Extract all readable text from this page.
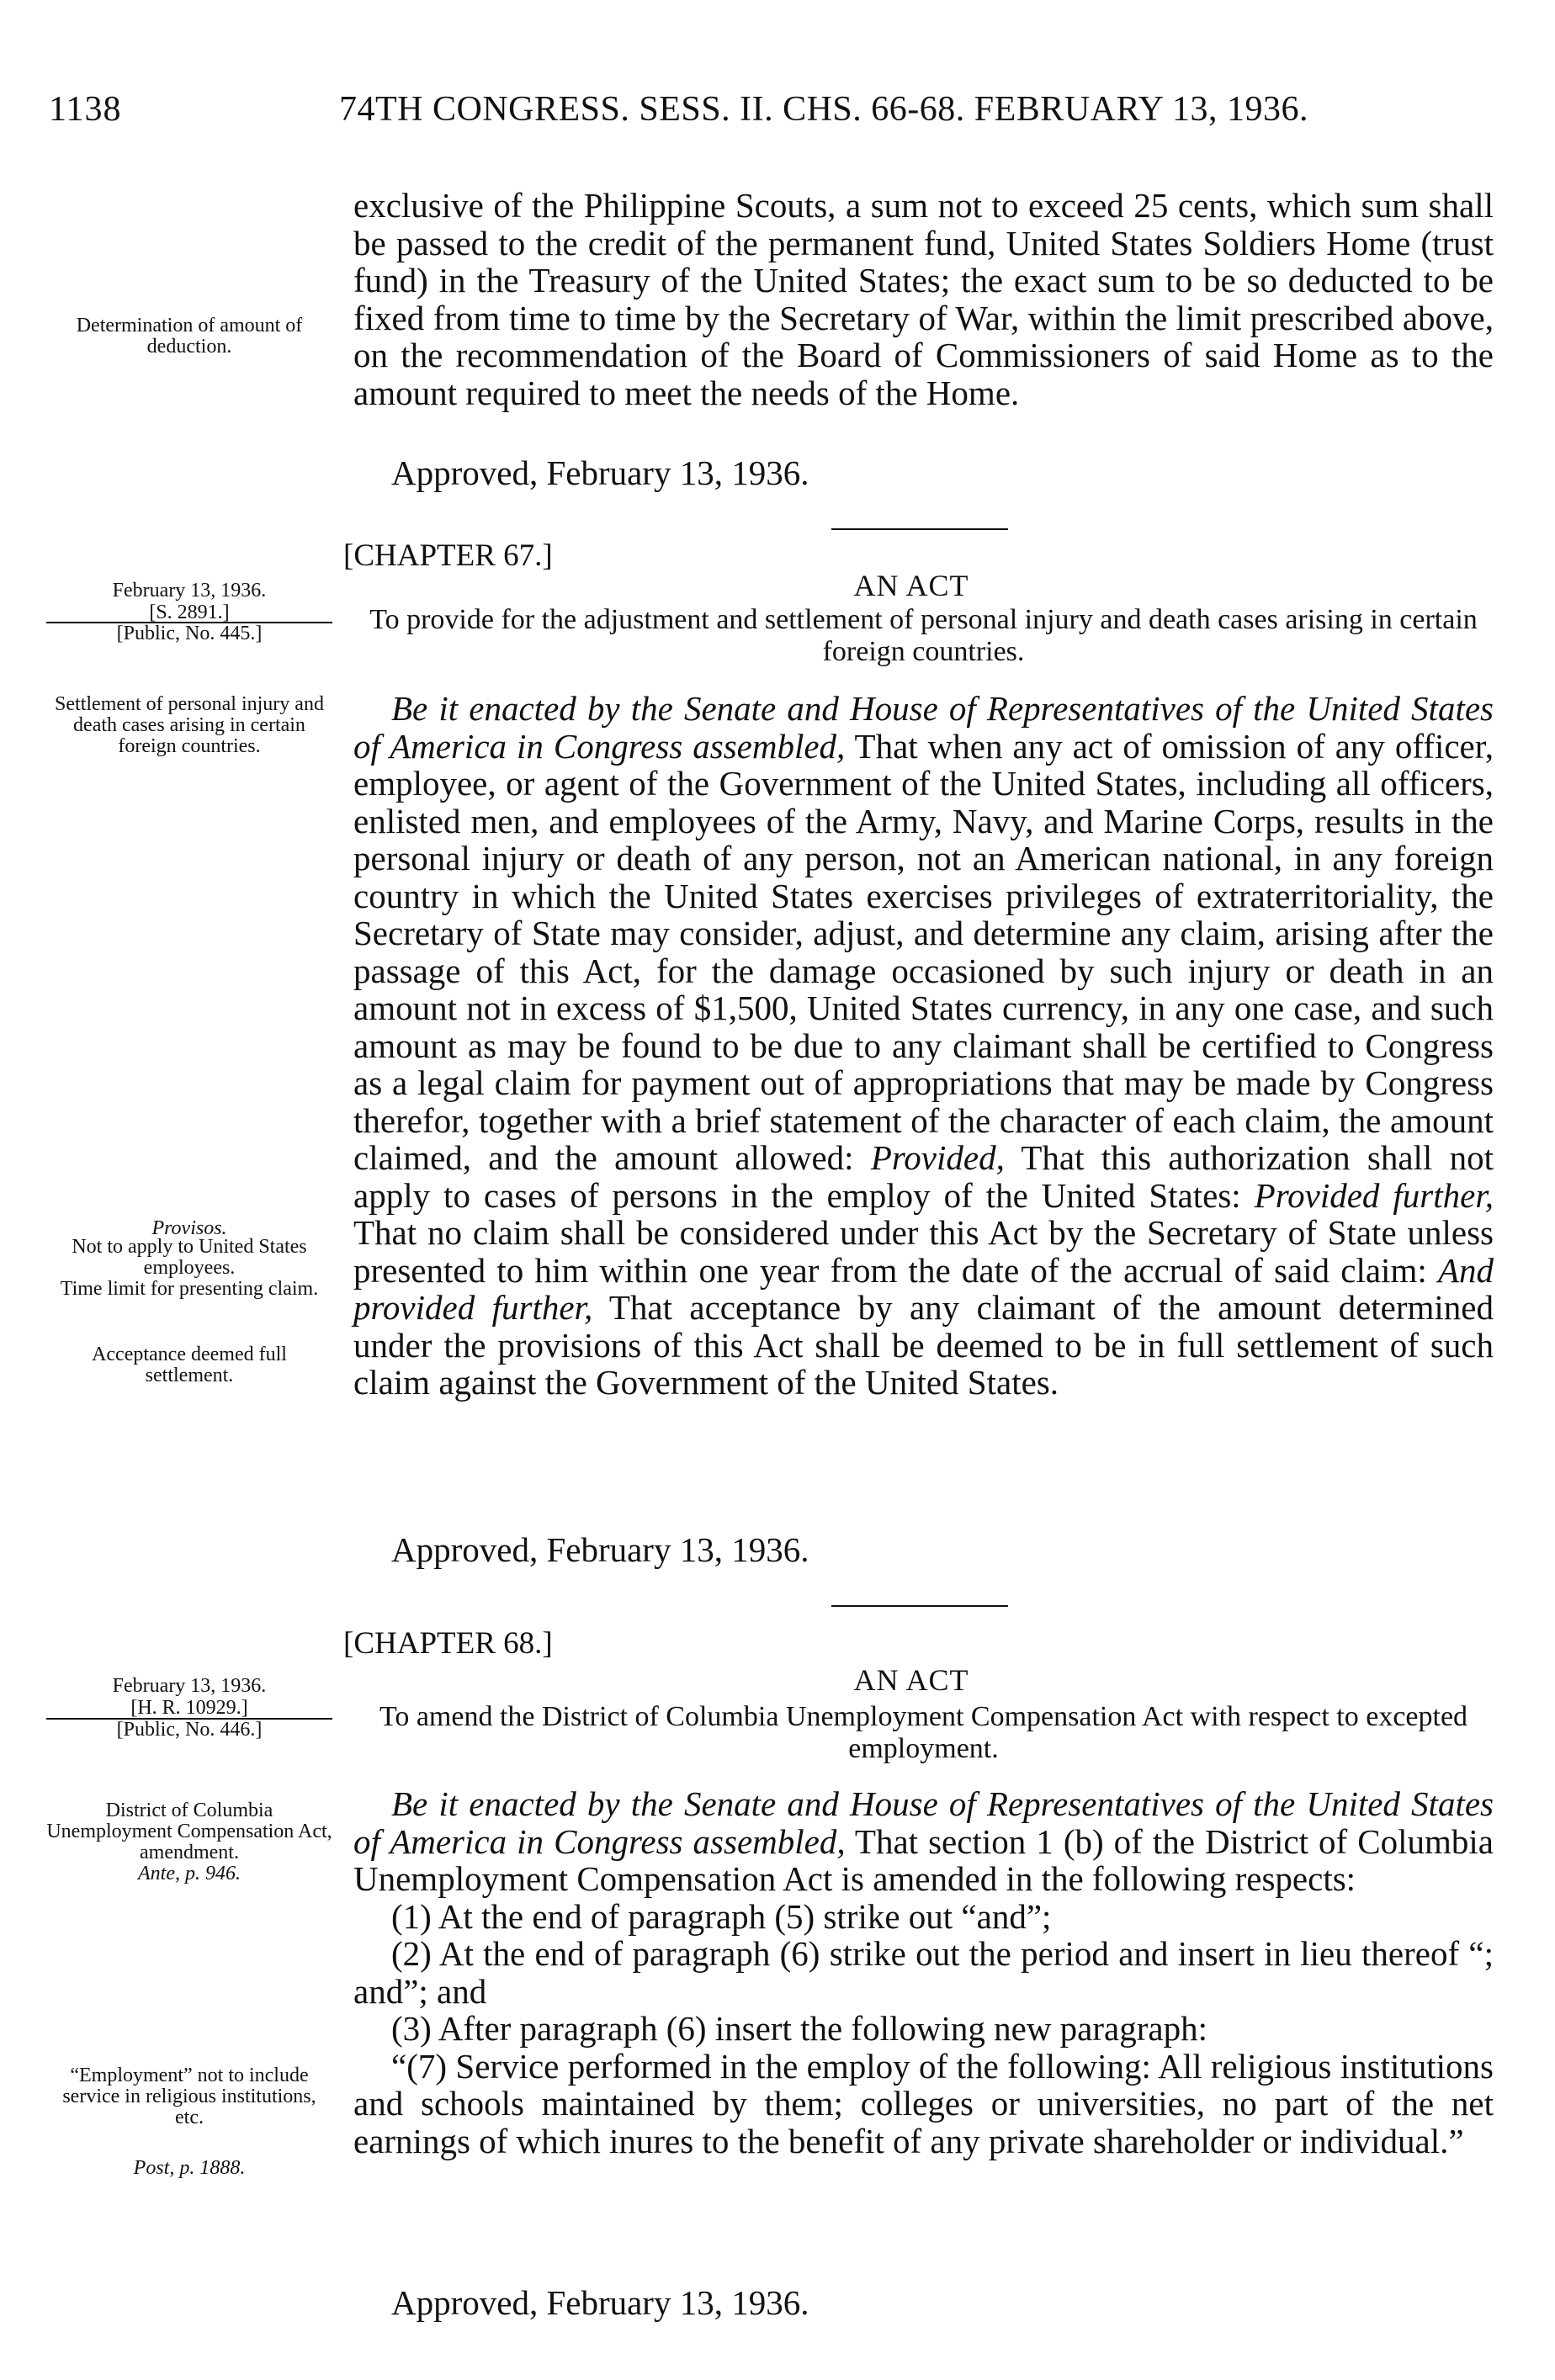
1138	74TH CONGRESS. SESS. II. CHS. 66-68. FEBRUARY 13, 1936.
Determination of amount of deduction.

exclusive of the Philippine Scouts, a sum not to exceed 25 cents, which sum shall be passed to the credit of the permanent fund, United States Soldiers Home (trust fund) in the Treasury of the United States; the exact sum to be so deducted to be fixed from time to time by the Secretary of War, within the limit prescribed above, on the recommendation of the Board of Commissioners of said Home as to the amount required to meet the needs of the Home.

Approved, February 13, 1936.
[CHAPTER 67.]
AN ACT
To provide for the adjustment and settlement of personal injury and death cases arising in certain foreign countries.
February 13, 1936.
[S. 2891.]
[Public, No. 445.]
Settlement of personal injury and death cases arising in certain foreign countries.

Be it enacted by the Senate and House of Representatives of the United States of America in Congress assembled, That when any act of omission of any officer, employee, or agent of the Government of the United States, including all officers, enlisted men, and employees of the Army, Navy, and Marine Corps, results in the personal injury or death of any person, not an American national, in any foreign country in which the United States exercises privileges of extraterritoriality, the Secretary of State may consider, adjust, and determine any claim, arising after the passage of this Act, for the damage occasioned by such injury or death in an amount not in excess of $1,500, United States currency, in any one case, and such amount as may be found to be due to any claimant shall be certified to Congress as a legal claim for payment out of appropriations that may be made by Congress therefor, together with a brief statement of the character of each claim, the amount claimed, and the amount allowed: Provided, That this authorization shall not apply to cases of persons in the employ of the United States: Provided further, That no claim shall be considered under this Act by the Secretary of State unless presented to him within one year from the date of the accrual of said claim: And provided further, That acceptance by any claimant of the amount determined under the provisions of this Act shall be deemed to be in full settlement of such claim against the Government of the United States.

Provisos.
Not to apply to United States employees.
Time limit for presenting claim.
Acceptance deemed full settlement.
Approved, February 13, 1936.
[CHAPTER 68.]
AN ACT
To amend the District of Columbia Unemployment Compensation Act with respect to excepted employment.
February 13, 1936.
[H. R. 10929.]
[Public, No. 446.]
District of Columbia Unemployment Compensation Act, amendment.
Ante, p. 946.

Be it enacted by the Senate and House of Representatives of the United States of America in Congress assembled, That section 1 (b) of the District of Columbia Unemployment Compensation Act is amended in the following respects:

(1) At the end of paragraph (5) strike out “and”;

(2) At the end of paragraph (6) strike out the period and insert in lieu thereof “; and”; and

(3) After paragraph (6) insert the following new paragraph:

“(7) Service performed in the employ of the following: All religious institutions and schools maintained by them; colleges or universities, no part of the net earnings of which inures to the benefit of any private shareholder or individual.”

“Employment” not to include service in religious institutions, etc.
Post, p. 1888.
Approved, February 13, 1936.
